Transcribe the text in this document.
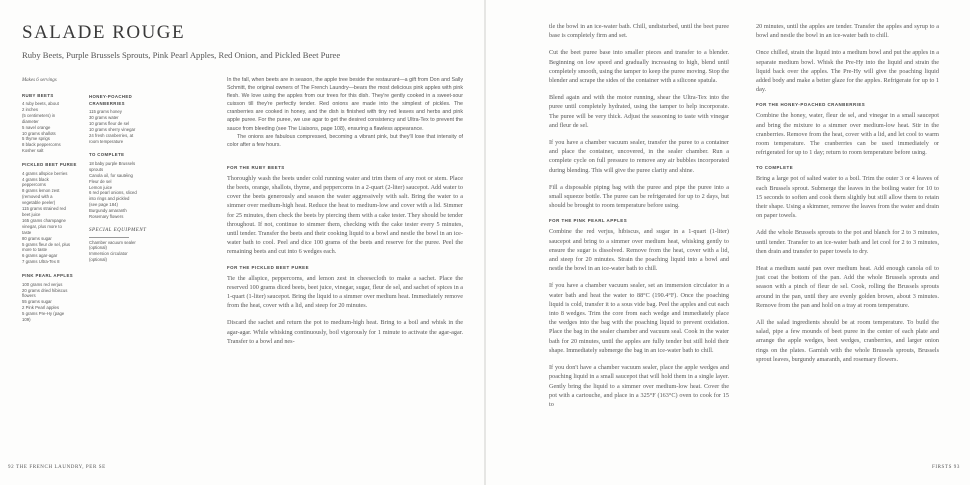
SALADE ROUGE

Ruby Beets, Purple Brussels Sprouts, Pink Pearl Apples, Red Onion, and Pickled Beet Puree

Makes 6 servings

RUBY BEETS

4 ruby beets, about
2 inches
(5 centimeters) in
diameter
5 navel orange
10 grams shallots
5 thyme sprigs
8 black peppercorns
Kosher salt

PICKLED BEET PUREE

4 grams allspice berries
4 grams black
peppercorns
8 grams lemon zest
(removed with a
vegetable peeler)
115 grams strained red
beet juice
165 grams champagne
vinegar, plus more to
taste
80 grams sugar
5 grams fleur de sel, plus
more to taste
6 grams agar-agar
7 grams Ultra-Tex 8

PINK PEARL APPLES

100 grams red verjus
20 grams dried hibiscus
flowers
55 grams sugar
2 Pink Pearl apples
5 grams Pre-Hy (page
109)

HONEY-POACHED CRANBERRIES

115 grams honey
30 grams water
10 grams fleur de sel
10 grams sherry vinegar
24 fresh cranberries, at
room temperature

TO COMPLETE

18 baby purple Brussels
sprouts
Canola oil, for sautéing
Fleur de sel
Lemon juice
6 red pearl onions, sliced
into rings and pickled
(see page 184)
Burgundy amaranth
Rosemary flowers

SPECIAL EQUIPMENT

Chamber vacuum sealer
(optional)
Immersion circulator
(optional)

In the fall, when beets are in season, the apple tree beside the restaurant—a gift from Don and Sally Schmitt, the original owners of The French Laundry—bears the most delicious pink apples with pink flesh. We love using the apples from our trees for this dish. They're gently cooked in a sweet-sour cuisson till they're perfectly tender. Red onions are made into the simplest of pickles. The cranberries are cooked in honey, and the dish is finished with tiny red leaves and herbs and pink apple puree. For the puree, we use agar to get the desired consistency and Ultra-Tex to prevent the sauce from bleeding (see The Liaisons, page 108), ensuring a flawless appearance.

The onions are fabulous compressed, becoming a vibrant pink, but they'll lose that intensity of color after a few hours.

FOR THE RUBY BEETS

Thoroughly wash the beets under cold running water and trim them of any root or stem. Place the beets, orange, shallots, thyme, and peppercorns in a 2-quart (2-liter) saucepot. Add water to cover the beets generously and season the water aggressively with salt. Bring the water to a simmer over medium-high heat. Reduce the heat to medium-low and cover with a lid. Simmer for 25 minutes, then check the beets by piercing them with a cake tester. They should be tender throughout. If not, continue to simmer them, checking with the cake tester every 5 minutes, until tender. Transfer the beets and their cooking liquid to a bowl and nestle the bowl in an ice-water bath to cool. Peel and dice 100 grams of the beets and reserve for the puree. Peel the remaining beets and cut into 6 wedges each.

FOR THE PICKLED BEET PUREE

Tie the allspice, peppercorns, and lemon zest in cheesecloth to make a sachet. Place the reserved 100 grams diced beets, beet juice, vinegar, sugar, fleur de sel, and sachet of spices in a 1-quart (1-liter) saucepot. Bring the liquid to a simmer over medium heat. Immediately remove from the heat, cover with a lid, and steep for 20 minutes.

Discard the sachet and return the pot to medium-high heat. Bring to a boil and whisk in the agar-agar. While whisking continuously, boil vigorously for 1 minute to activate the agar-agar. Transfer to a bowl and nes-

92 THE FRENCH LAUNDRY, PER SE

tle the bowl in an ice-water bath. Chill, undisturbed, until the beet puree base is completely firm and set.

Cut the beet puree base into smaller pieces and transfer to a blender. Beginning on low speed and gradually increasing to high, blend until completely smooth, using the tamper to keep the puree moving. Stop the blender and scrape the sides of the container with a silicone spatula.

Blend again and with the motor running, shear the Ultra-Tex into the puree until completely hydrated, using the tamper to help incorporate. The puree will be very thick. Adjust the seasoning to taste with vinegar and fleur de sel.

If you have a chamber vacuum sealer, transfer the puree to a container and place the container, uncovered, in the sealer chamber. Run a complete cycle on full pressure to remove any air bubbles incorporated during blending. This will give the puree clarity and shine.

Fill a disposable piping bag with the puree and pipe the puree into a small squeeze bottle. The puree can be refrigerated for up to 2 days, but should be brought to room temperature before using.

FOR THE PINK PEARL APPLES

Combine the red verjus, hibiscus, and sugar in a 1-quart (1-liter) saucepot and bring to a simmer over medium heat, whisking gently to ensure the sugar is dissolved. Remove from the heat, cover with a lid, and steep for 20 minutes. Strain the poaching liquid into a bowl and nestle the bowl in an ice-water bath to chill.

If you have a chamber vacuum sealer, set an immersion circulator in a water bath and heat the water to 88°C (190.4°F). Once the poaching liquid is cold, transfer it to a sous vide bag. Peel the apples and cut each into 8 wedges. Trim the core from each wedge and immediately place the wedges into the bag with the poaching liquid to prevent oxidation. Place the bag in the sealer chamber and vacuum seal. Cook in the water bath for 20 minutes, until the apples are fully tender but still hold their shape. Immediately submerge the bag in an ice-water bath to chill.

If you don't have a chamber vacuum sealer, place the apple wedges and poaching liquid in a small saucepot that will hold them in a single layer. Gently bring the liquid to a simmer over medium-low heat. Cover the pot with a cartouche, and place in a 325°F (163°C) oven to cook for 15 to

20 minutes, until the apples are tender. Transfer the apples and syrup to a bowl and nestle the bowl in an ice-water bath to chill.

Once chilled, strain the liquid into a medium bowl and put the apples in a separate medium bowl. Whisk the Pre-Hy into the liquid and strain the liquid back over the apples. The Pre-Hy will give the poaching liquid added body and make a better glaze for the apples. Refrigerate for up to 1 day.

FOR THE HONEY-POACHED CRANBERRIES

Combine the honey, water, fleur de sel, and vinegar in a small saucepot and bring the mixture to a simmer over medium-low heat. Stir in the cranberries. Remove from the heat, cover with a lid, and let cool to warm room temperature. The cranberries can be used immediately or refrigerated for up to 1 day; return to room temperature before using.

TO COMPLETE

Bring a large pot of salted water to a boil. Trim the outer 3 or 4 leaves of each Brussels sprout. Submerge the leaves in the boiling water for 10 to 15 seconds to soften and cook them slightly but still allow them to retain their shape. Using a skimmer, remove the leaves from the water and drain on paper towels.

Add the whole Brussels sprouts to the pot and blanch for 2 to 3 minutes, until tender. Transfer to an ice-water bath and let cool for 2 to 3 minutes, then drain and transfer to paper towels to dry.

Heat a medium sauté pan over medium heat. Add enough canola oil to just coat the bottom of the pan. Add the whole Brussels sprouts and season with a pinch of fleur de sel. Cook, rolling the Brussels sprouts around in the pan, until they are evenly golden brown, about 3 minutes. Remove from the pan and hold on a tray at room temperature.

All the salad ingredients should be at room temperature. To build the salad, pipe a few mounds of beet puree in the center of each plate and arrange the apple wedges, beet wedges, cranberries, and larger onion rings on the plates. Garnish with the whole Brussels sprouts, Brussels sprout leaves, burgundy amaranth, and rosemary flowers.

FIRSTS 93
